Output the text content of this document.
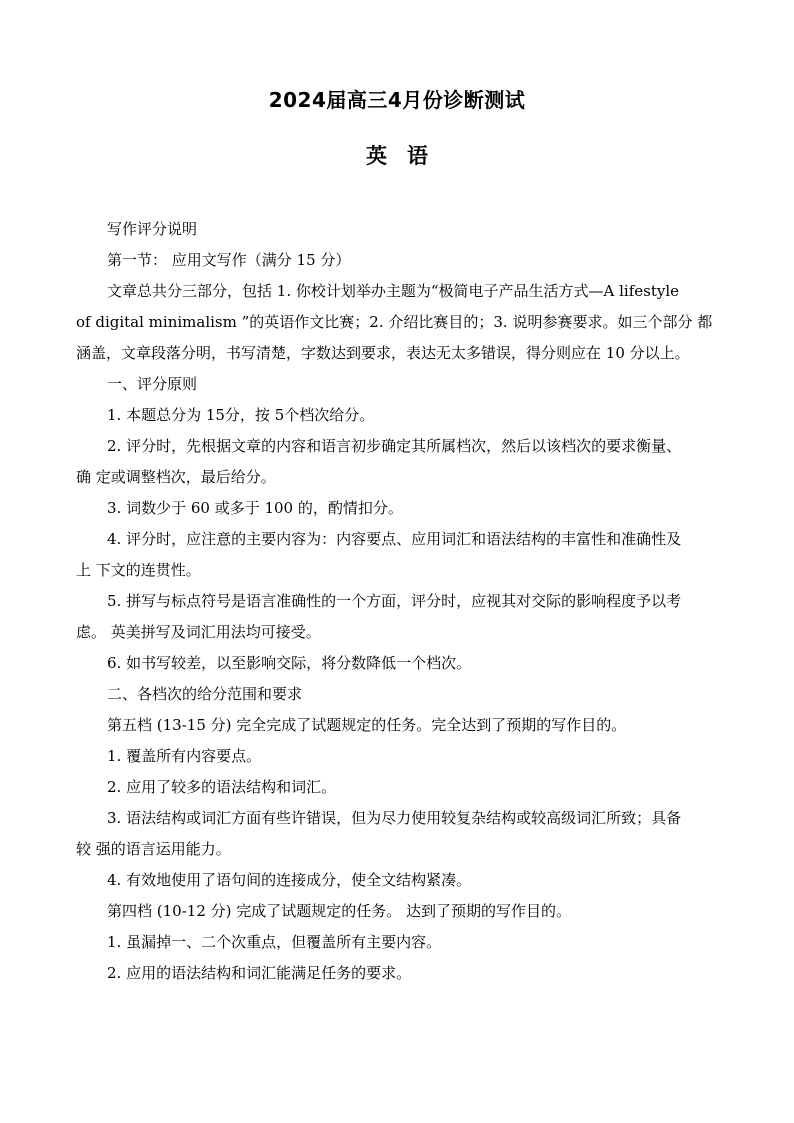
2024届高三4月份诊断测试
英语
写作评分说明
第一节： 应用文写作（满分 15 分）
文章总共分三部分，包括 1. 你校计划举办主题为“极简电子产品生活方式—A lifestyle
of digital minimalism ”的英语作文比赛；2. 介绍比赛目的；3. 说明参赛要求。如三个部分 都
涵盖，文章段落分明，书写清楚，字数达到要求，表达无太多错误，得分则应在 10 分以上。
一、评分原则
1. 本题总分为 15分，按 5个档次给分。
2. 评分时，先根据文章的内容和语言初步确定其所属档次，然后以该档次的要求衡量、
确 定或调整档次，最后给分。
3. 词数少于 60 或多于 100 的，酌情扣分。
4. 评分时，应注意的主要内容为：内容要点、应用词汇和语法结构的丰富性和准确性及
上 下文的连贯性。
5. 拼写与标点符号是语言准确性的一个方面，评分时，应视其对交际的影响程度予以考
虑。 英美拼写及词汇用法均可接受。
6. 如书写较差，以至影响交际，将分数降低一个档次。
二、各档次的给分范围和要求
第五档 (13-15 分) 完全完成了试题规定的任务。完全达到了预期的写作目的。
1. 覆盖所有内容要点。
2. 应用了较多的语法结构和词汇。
3. 语法结构或词汇方面有些许错误，但为尽力使用较复杂结构或较高级词汇所致；具备
较 强的语言运用能力。
4. 有效地使用了语句间的连接成分，使全文结构紧凑。
第四档 (10-12 分) 完成了试题规定的任务。 达到了预期的写作目的。
1. 虽漏掉一、二个次重点，但覆盖所有主要内容。
2. 应用的语法结构和词汇能满足任务的要求。
